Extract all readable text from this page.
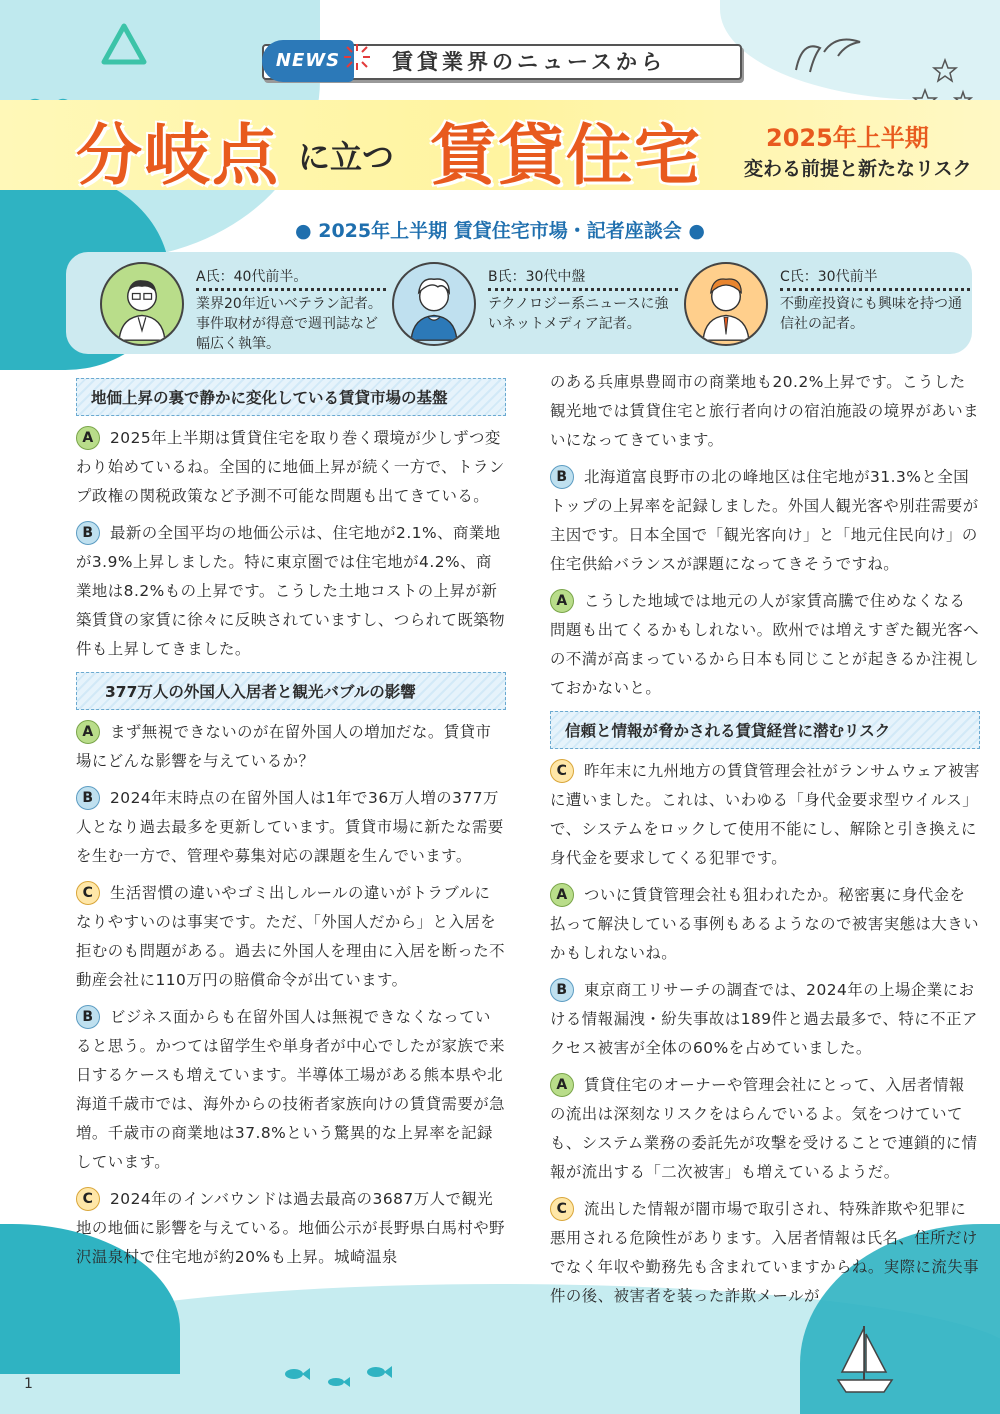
NEWS	賃貸業界のニュースから
分岐点 に立つ 賃貸住宅	2025年上半期
変わる前提と新たなリスク
● 2025年上半期 賃貸住宅市場・記者座談会 ●
A氏：40代前半。
業界20年近いベテラン記者。事件取材が得意で週刊誌など幅広く執筆。
B氏：30代中盤
テクノロジー系ニュースに強いネットメディア記者。
C氏：30代前半
不動産投資にも興味を持つ通信社の記者。
地価上昇の裏で静かに変化している賃貸市場の基盤

A 2025年上半期は賃貸住宅を取り巻く環境が少しずつ変わり始めているね。全国的に地価上昇が続く一方で、トランプ政権の関税政策など予測不可能な問題も出てきている。

B 最新の全国平均の地価公示は、住宅地が2.1%、商業地が3.9%上昇しました。特に東京圏では住宅地が4.2%、商業地は8.2%もの上昇です。こうした土地コストの上昇が新築賃貸の家賃に徐々に反映されていますし、つられて既築物件も上昇してきました。

377万人の外国人入居者と観光バブルの影響

A まず無視できないのが在留外国人の増加だな。賃貸市場にどんな影響を与えているか？

B 2024年末時点の在留外国人は1年で36万人増の377万人となり過去最多を更新しています。賃貸市場に新たな需要を生む一方で、管理や募集対応の課題を生んでいます。

C 生活習慣の違いやゴミ出しルールの違いがトラブルになりやすいのは事実です。ただ、「外国人だから」と入居を拒むのも問題がある。過去に外国人を理由に入居を断った不動産会社に110万円の賠償命令が出ています。

B ビジネス面からも在留外国人は無視できなくなっていると思う。かつては留学生や単身者が中心でしたが家族で来日するケースも増えています。半導体工場がある熊本県や北海道千歳市では、海外からの技術者家族向けの賃貸需要が急増。千歳市の商業地は37.8%という驚異的な上昇率を記録しています。

C 2024年のインバウンドは過去最高の3687万人で観光地の地価に影響を与えている。地価公示が長野県白馬村や野沢温泉村で住宅地が約20%も上昇。城崎温泉

のある兵庫県豊岡市の商業地も20.2%上昇です。こうした観光地では賃貸住宅と旅行者向けの宿泊施設の境界があいまいになってきています。

B 北海道富良野市の北の峰地区は住宅地が31.3%と全国トップの上昇率を記録しました。外国人観光客や別荘需要が主因です。日本全国で「観光客向け」と「地元住民向け」の住宅供給バランスが課題になってきそうですね。

A こうした地域では地元の人が家賃高騰で住めなくなる問題も出てくるかもしれない。欧州では増えすぎた観光客への不満が高まっているから日本も同じことが起きるか注視しておかないと。

信頼と情報が脅かされる賃貸経営に潜むリスク

C 昨年末に九州地方の賃貸管理会社がランサムウェア被害に遭いました。これは、いわゆる「身代金要求型ウイルス」で、システムをロックして使用不能にし、解除と引き換えに身代金を要求してくる犯罪です。

A ついに賃貸管理会社も狙われたか。秘密裏に身代金を払って解決している事例もあるようなので被害実態は大きいかもしれないね。

B 東京商工リサーチの調査では、2024年の上場企業における情報漏洩・紛失事故は189件と過去最多で、特に不正アクセス被害が全体の60%を占めていました。

A 賃貸住宅のオーナーや管理会社にとって、入居者情報の流出は深刻なリスクをはらんでいるよ。気をつけていても、システム業務の委託先が攻撃を受けることで連鎖的に情報が流出する「二次被害」も増えているようだ。

C 流出した情報が闇市場で取引され、特殊詐欺や犯罪に悪用される危険性があります。入居者情報は氏名、住所だけでなく年収や勤務先も含まれていますからね。実際に流失事件の後、被害者を装った詐欺メールが

1
